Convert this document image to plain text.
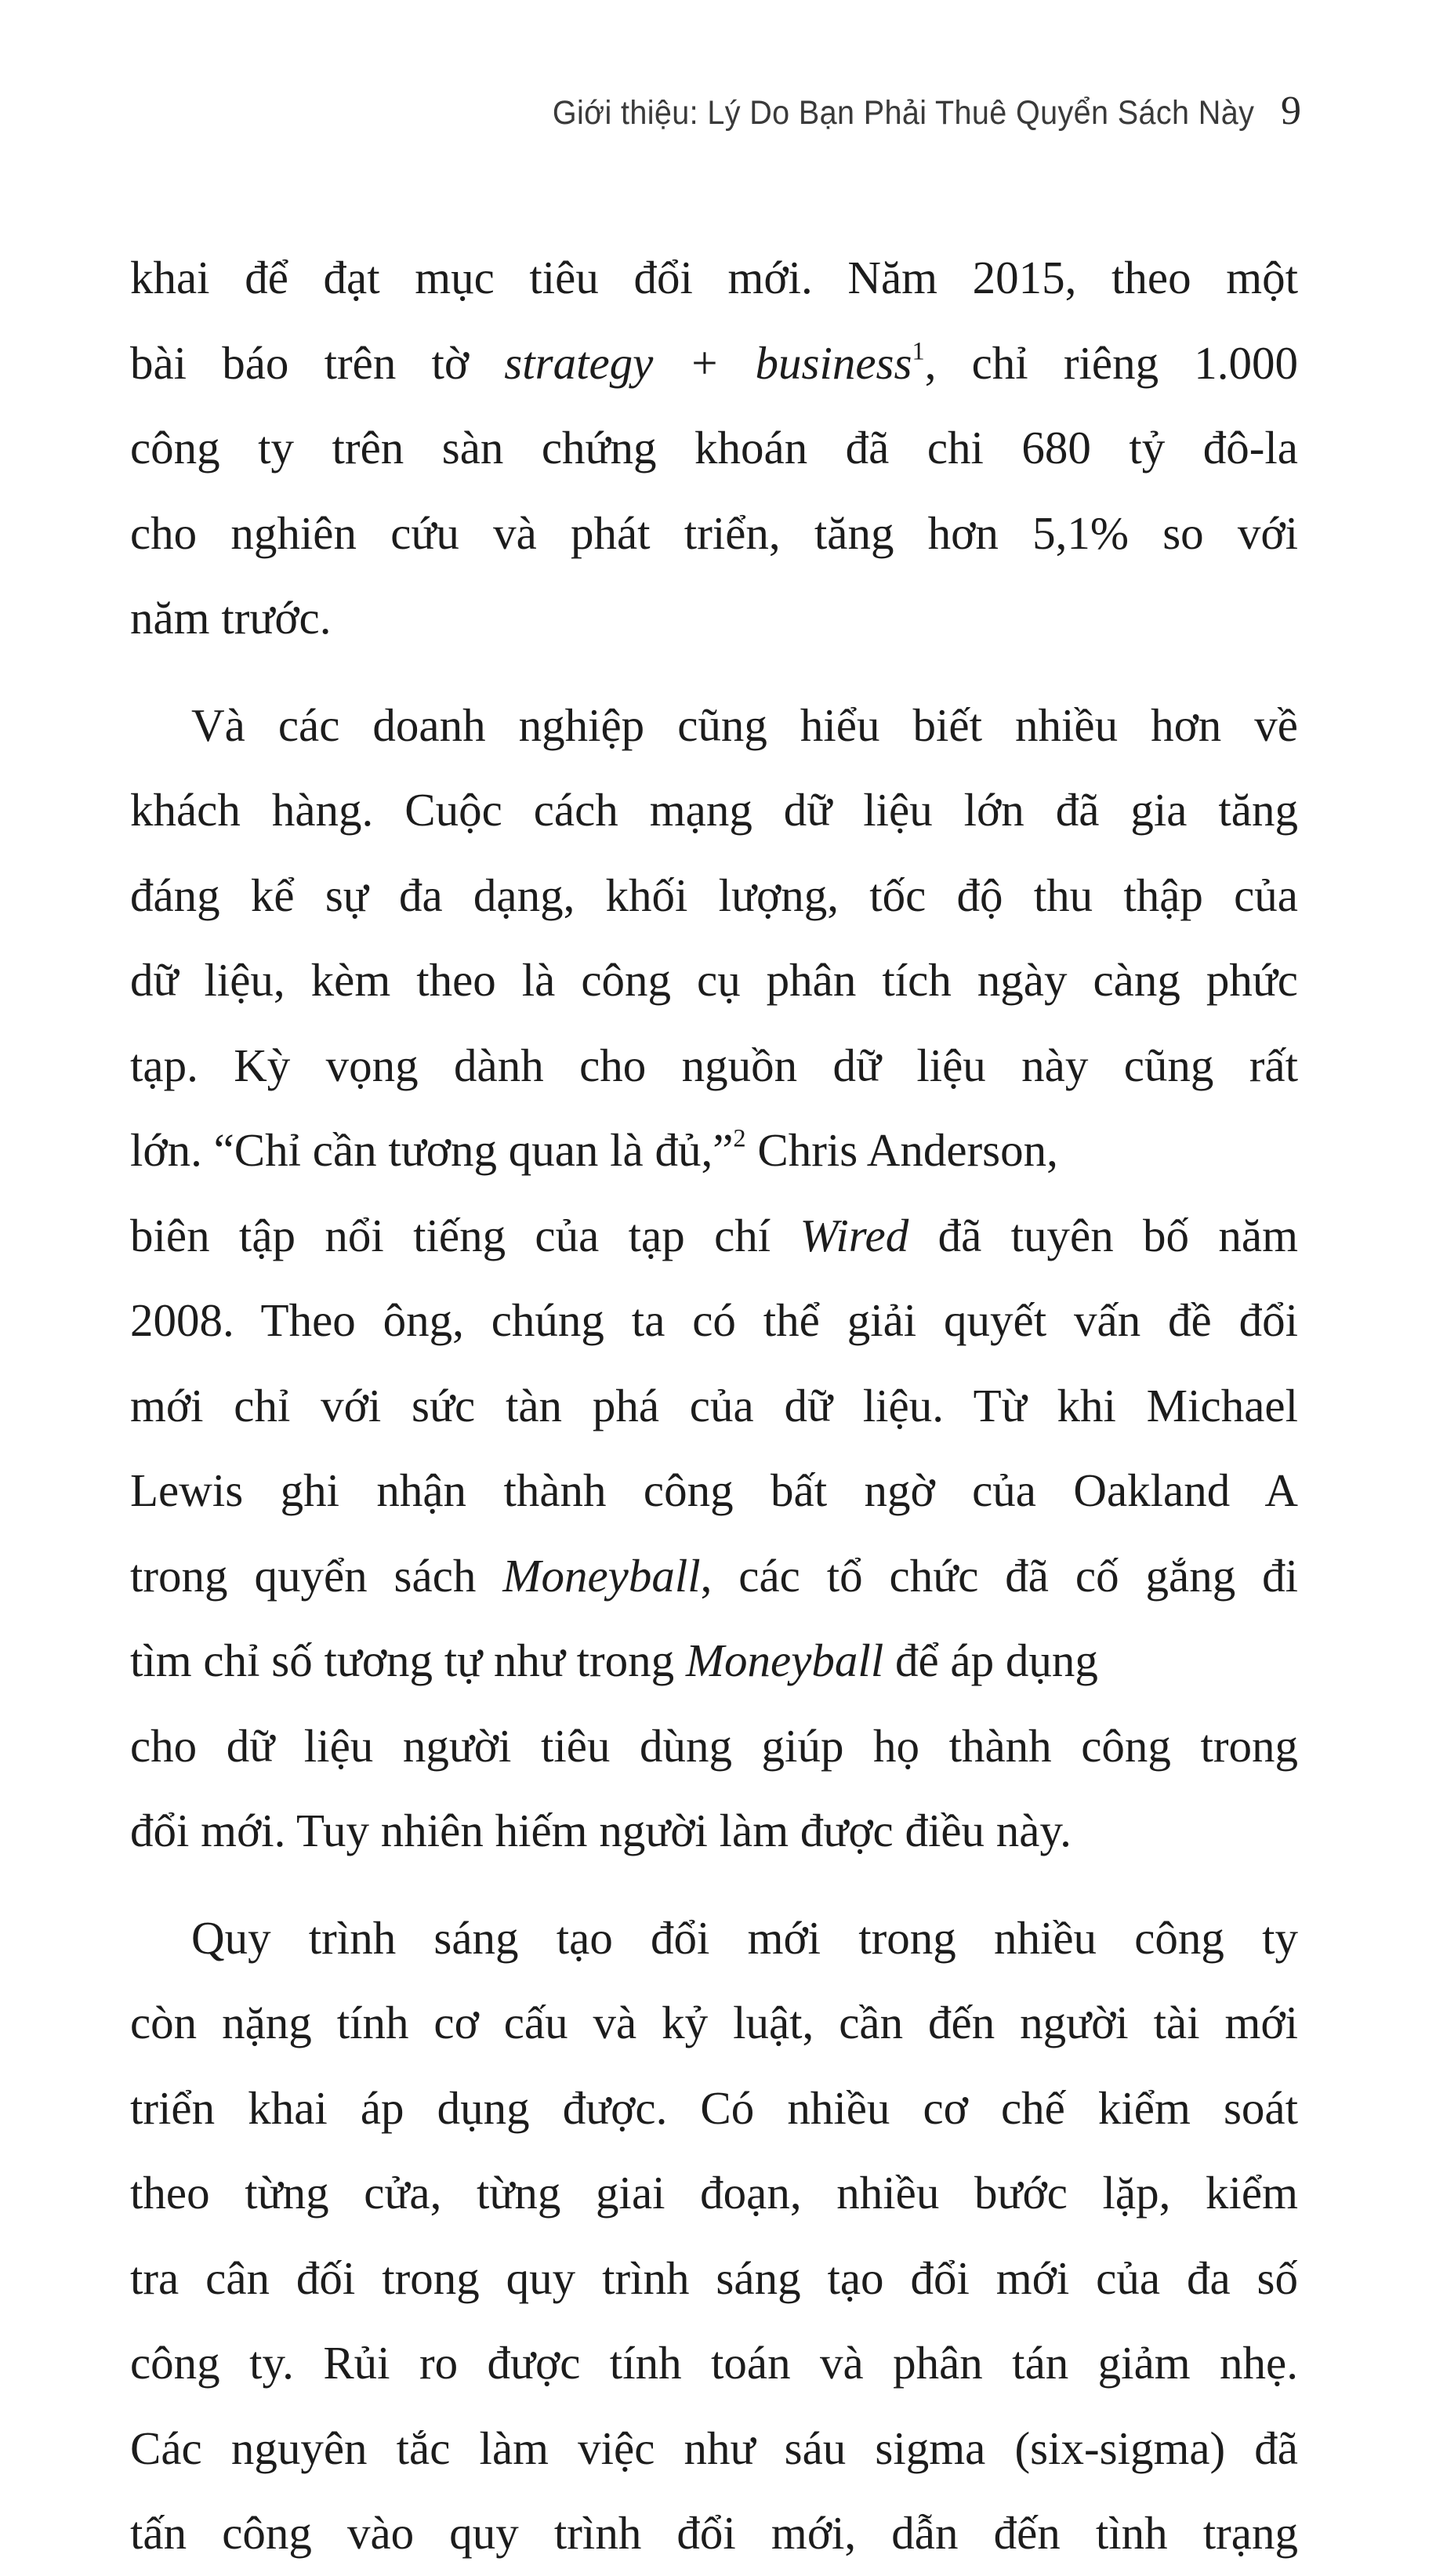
Giới thiệu: Lý Do Bạn Phải Thuê Quyển Sách Này 9
khai để đạt mục tiêu đổi mới. Năm 2015, theo một
bài báo trên tờ strategy + business$^1$, chỉ riêng 1.000
công ty trên sàn chứng khoán đã chi 680 tỷ đô-la
cho nghiên cứu và phát triển, tăng hơn 5,1% so với
năm trước.
Và các doanh nghiệp cũng hiểu biết nhiều hơn về
khách hàng. Cuộc cách mạng dữ liệu lớn đã gia tăng
đáng kể sự đa dạng, khối lượng, tốc độ thu thập của
dữ liệu, kèm theo là công cụ phân tích ngày càng phức
tạp. Kỳ vọng dành cho nguồn dữ liệu này cũng rất
lớn. “Chỉ cần tương quan là đủ,”$^2$ Chris Anderson,
biên tập nổi tiếng của tạp chí Wired đã tuyên bố năm
2008. Theo ông, chúng ta có thể giải quyết vấn đề đổi
mới chỉ với sức tàn phá của dữ liệu. Từ khi Michael
Lewis ghi nhận thành công bất ngờ của Oakland A
trong quyển sách Moneyball, các tổ chức đã cố gắng đi
tìm chỉ số tương tự như trong Moneyball để áp dụng
cho dữ liệu người tiêu dùng giúp họ thành công trong
đổi mới. Tuy nhiên hiếm người làm được điều này.
Quy trình sáng tạo đổi mới trong nhiều công ty
còn nặng tính cơ cấu và kỷ luật, cần đến người tài mới
triển khai áp dụng được. Có nhiều cơ chế kiểm soát
theo từng cửa, từng giai đoạn, nhiều bước lặp, kiểm
tra cân đối trong quy trình sáng tạo đổi mới của đa số
công ty. Rủi ro được tính toán và phân tán giảm nhẹ.
Các nguyên tắc làm việc như sáu sigma (six-sigma) đã
tấn công vào quy trình đổi mới, dẫn đến tình trạng
